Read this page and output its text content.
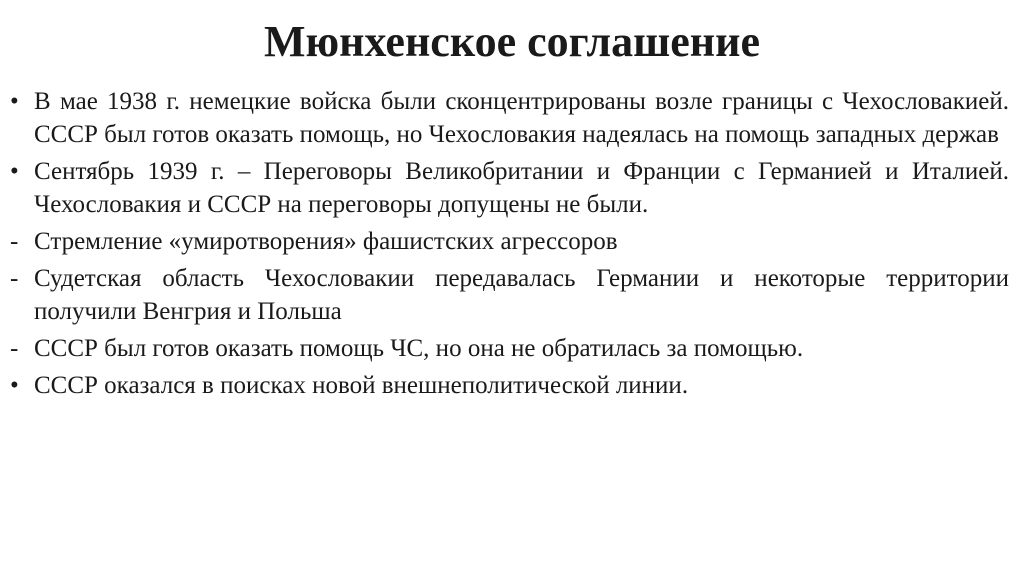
Мюнхенское соглашение
• В мае 1938 г. немецкие войска были сконцентрированы возле границы с Чехословакией. СССР был готов оказать помощь, но Чехословакия надеялась на помощь западных держав
• Сентябрь 1939 г. – Переговоры Великобритании и Франции с Германией и Италией. Чехословакия и СССР на переговоры допущены не были.
- Стремление «умиротворения» фашистских агрессоров
- Судетская область Чехословакии передавалась Германии и некоторые территории получили Венгрия и Польша
- СССР был готов оказать помощь ЧС, но она не обратилась за помощью.
• СССР оказался в поисках новой внешнеполитической линии.
